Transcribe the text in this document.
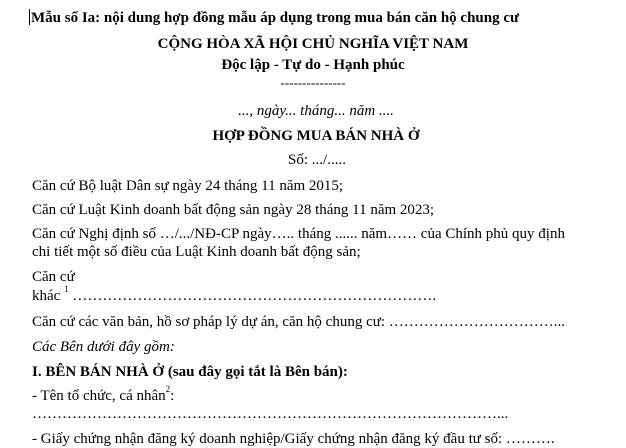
Mẫu số Ia: nội dung hợp đồng mẫu áp dụng trong mua bán căn hộ chung cư
CỘNG HÒA XÃ HỘI CHỦ NGHĨA VIỆT NAM
Độc lập - Tự do - Hạnh phúc
---------------
..., ngày... tháng... năm ....
HỢP ĐỒNG MUA BÁN NHÀ Ở
Số: .../.....
Căn cứ Bộ luật Dân sự ngày 24 tháng 11 năm 2015;
Căn cứ Luật Kinh doanh bất động sản ngày 28 tháng 11 năm 2023;
Căn cứ Nghị định số …/.../NĐ-CP ngày….. tháng ...... năm…… của Chính phủ quy định
chi tiết một số điều của Luật Kinh doanh bất động sản;
Căn cứ
khác $^1$ ……………………………………………………………….
Căn cứ các văn bản, hồ sơ pháp lý dự án, căn hộ chung cư: ……………………………...
Các Bên dưới đây gồm:
I. BÊN BÁN NHÀ Ở (sau đây gọi tắt là Bên bán):
- Tên tổ chức, cá nhân$^2$:
…………………………………………………………………………………...
- Giấy chứng nhận đăng ký doanh nghiệp/Giấy chứng nhận đăng ký đầu tư số: ……….
